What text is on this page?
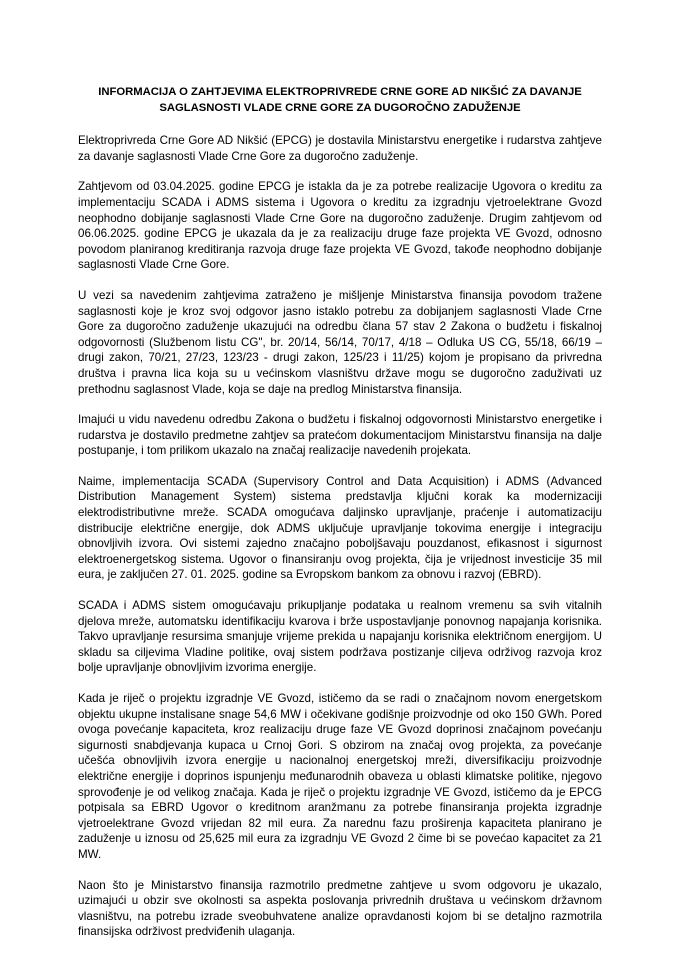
INFORMACIJA O ZAHTJEVIMA ELEKTROPRIVREDE CRNE GORE AD NIKŠIĆ ZA DAVANJE SAGLASNOSTI VLADE CRNE GORE ZA DUGOROČNO ZADUŽENJE

Elektroprivreda Crne Gore AD Nikšić (EPCG) je dostavila Ministarstvu energetike i rudarstva zahtjeve za davanje saglasnosti Vlade Crne Gore za dugoročno zaduženje.

Zahtjevom od 03.04.2025. godine EPCG je istakla da je za potrebe realizacije Ugovora o kreditu za implementaciju SCADA i ADMS sistema i Ugovora o kreditu za izgradnju vjetroelektrane Gvozd neophodno dobijanje saglasnosti Vlade Crne Gore na dugoročno zaduženje. Drugim zahtjevom od 06.06.2025. godine EPCG je ukazala da je za realizaciju druge faze projekta VE Gvozd, odnosno povodom planiranog kreditiranja razvoja druge faze projekta VE Gvozd, takođe neophodno dobijanje saglasnosti Vlade Crne Gore.

U vezi sa navedenim zahtjevima zatraženo je mišljenje Ministarstva finansija povodom tražene saglasnosti koje je kroz svoj odgovor jasno istaklo potrebu za dobijanjem saglasnosti Vlade Crne Gore za dugoročno zaduženje ukazujući na odredbu člana 57 stav 2 Zakona o budžetu i fiskalnoj odgovornosti (Službenom listu CG", br. 20/14, 56/14, 70/17, 4/18 – Odluka US CG, 55/18, 66/19 –drugi zakon, 70/21, 27/23, 123/23 - drugi zakon, 125/23 i 11/25) kojom je propisano da privredna društva i pravna lica koja su u većinskom vlasništvu države mogu se dugoročno zaduživati uz prethodnu saglasnost Vlade, koja se daje na predlog Ministarstva finansija.

Imajući u vidu navedenu odredbu Zakona o budžetu i fiskalnoj odgovornosti Ministarstvo energetike i rudarstva je dostavilo predmetne zahtjev sa pratećom dokumentacijom Ministarstvu finansija na dalje postupanje, i tom prilikom ukazalo na značaj realizacije navedenih projekata.

Naime, implementacija SCADA (Supervisory Control and Data Acquisition) i ADMS (Advanced Distribution Management System) sistema predstavlja ključni korak ka modernizaciji elektrodistributivne mreže. SCADA omogućava daljinsko upravljanje, praćenje i automatizaciju distribucije električne energije, dok ADMS uključuje upravljanje tokovima energije i integraciju obnovljivih izvora. Ovi sistemi zajedno značajno poboljšavaju pouzdanost, efikasnost i sigurnost elektroenergetskog sistema. Ugovor o finansiranju ovog projekta, čija je vrijednost investicije 35 mil eura, je zaključen 27. 01. 2025. godine sa Evropskom bankom za obnovu i razvoj (EBRD).

SCADA i ADMS sistem omogućavaju prikupljanje podataka u realnom vremenu sa svih vitalnih djelova mreže, automatsku identifikaciju kvarova i brže uspostavljanje ponovnog napajanja korisnika. Takvo upravljanje resursima smanjuje vrijeme prekida u napajanju korisnika električnom energijom. U skladu sa ciljevima Vladine politike, ovaj sistem podržava postizanje ciljeva održivog razvoja kroz bolje upravljanje obnovljivim izvorima energije.

Kada je riječ o projektu izgradnje VE Gvozd, ističemo da se radi o značajnom novom energetskom objektu ukupne instalisane snage 54,6 MW i očekivane godišnje proizvodnje od oko 150 GWh. Pored ovoga povećanje kapaciteta, kroz realizaciju druge faze VE Gvozd doprinosi značajnom povećanju sigurnosti snabdjevanja kupaca u Crnoj Gori. S obzirom na značaj ovog projekta, za povećanje učešća obnovljivih izvora energije u nacionalnoj energetskoj mreži, diversifikaciju proizvodnje električne energije i doprinos ispunjenju međunarodnih obaveza u oblasti klimatske politike, njegovo sprovođenje je od velikog značaja. Kada je riječ o projektu izgradnje VE Gvozd, ističemo da je EPCG potpisala sa EBRD Ugovor o kreditnom aranžmanu za potrebe finansiranja projekta izgradnje vjetroelektrane Gvozd vrijedan 82 mil eura. Za narednu fazu proširenja kapaciteta planirano je zaduženje u iznosu od 25,625 mil eura za izgradnju VE Gvozd 2 čime bi se povećao kapacitet za 21 MW.

Naon što je Ministarstvo finansija razmotrilo predmetne zahtjeve u svom odgovoru je ukazalo, uzimajući u obzir sve okolnosti sa aspekta poslovanja privrednih društava u većinskom državnom vlasništvu, na potrebu izrade sveobuhvatene analize opravdanosti kojom bi se detaljno razmotrila finansijska održivost predviđenih ulaganja.
